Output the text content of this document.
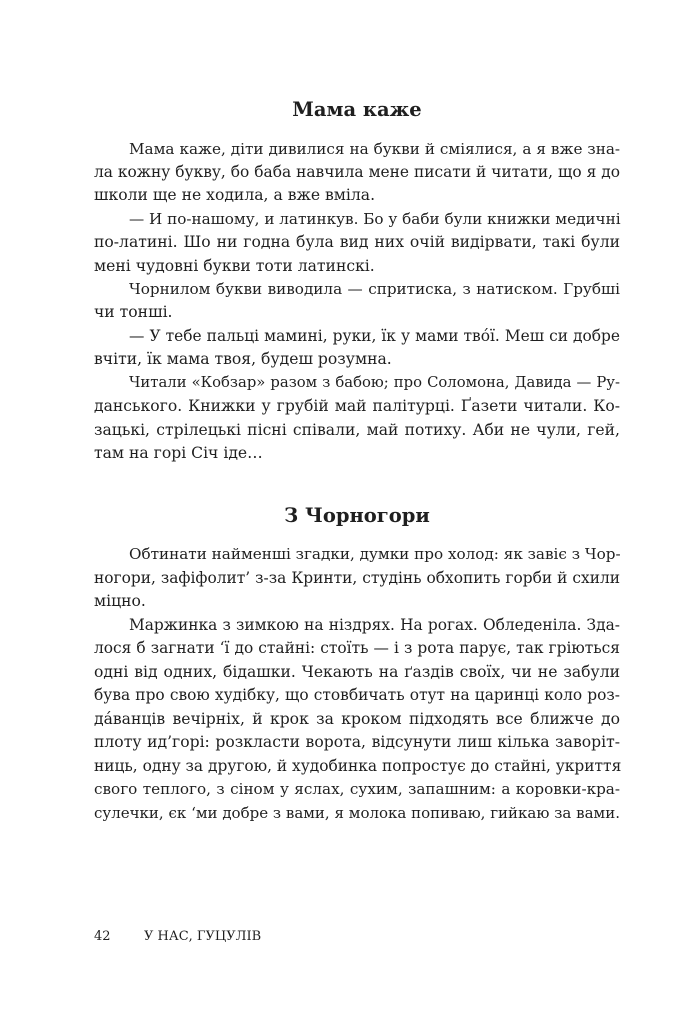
Мама каже

Мама каже, діти дивилися на букви й сміялися, а я вже зна-

ла кожну букву, бо баба навчила мене писати й читати, що я до

школи ще не ходила, а вже вміла.

— И по-нашому, и латинкув. Бо у баби були книжки медичні

по-латині. Шо ни годна була вид них очій видірвати, такі були

мені чудовні букви тоти латинскі.

Чорнилом букви виводила — спритиска, з натиском. Грубші

чи тонші.

— У тебе пальці мамині, руки, їк у мами твóї. Меш си добре

вчіти, їк мама твоя, будеш розумна.

Читали «Кобзар» разом з бабою; про Соломона, Давида — Ру-

данського. Книжки у грубій май палітурці. Ґазети читали. Ко-

зацькі, стрілецькі пісні співали, май потиху. Аби не чули, гей,

там на горі Січ іде…

З Чорногори

Обтинати найменші згадки, думки про холод: як завіє з Чор-

ногори, зафіфолит’ з-за Кринти, студінь обхопить горби й схили

міцно.

Маржинка з зимкою на ніздрях. На рогах. Обледеніла. Зда-

лося б загнати ‘ї до стайні: стоїть — і з рота парує, так гріються

одні від одних, бідашки. Чекають на ґаздів своїх, чи не забули

бува про свою худібку, що стовбичать отут на царинці коло роз-

дáванців вечірніх, й крок за кроком підходять все ближче до

плоту ид’горі: розкласти ворота, відсунути лиш кілька заворіт-

ниць, одну за другою, й худобинка попростує до стайні, укриття

свого теплого, з сіном у яслах, сухим, запашним: а коровки-кра-

сулечки, єк ‘ми добре з вами, я молока попиваю, гийкаю за вами.

42	У НАС, ГУЦУЛІВ
